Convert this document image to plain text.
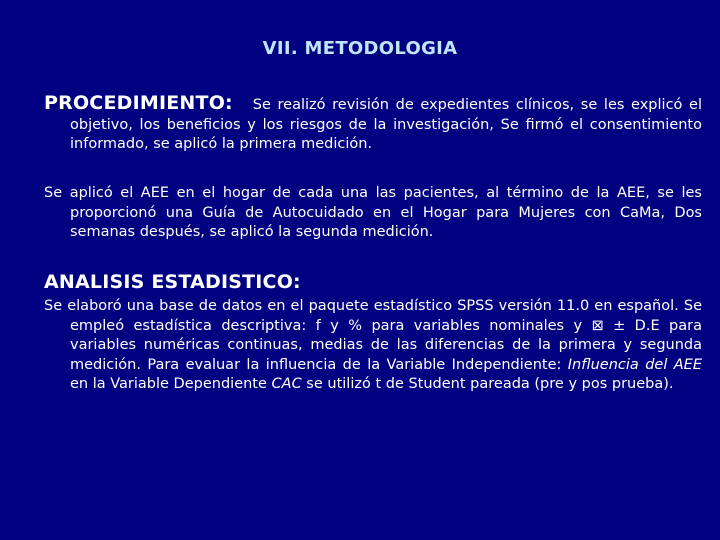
VII. METODOLOGIA
PROCEDIMIENTO: Se realizó revisión de expedientes clínicos, se les explicó el objetivo, los beneficios y los riesgos de la investigación, Se firmó el consentimiento informado, se aplicó la primera medición.
Se aplicó el AEE en el hogar de cada una las pacientes, al término de la AEE, se les proporcionó una Guía de Autocuidado en el Hogar para Mujeres con CaMa, Dos semanas después, se aplicó la segunda medición.
ANALISIS ESTADISTICO:
Se elaboró una base de datos en el paquete estadístico SPSS versión 11.0 en español. Se empleó estadística descriptiva: f y % para variables nominales y ⊠ ± D.E para variables numéricas continuas, medias de las diferencias de la primera y segunda medición. Para evaluar la influencia de la Variable Independiente: Influencia del AEE en la Variable Dependiente CAC se utilizó t de Student pareada (pre y pos prueba).
